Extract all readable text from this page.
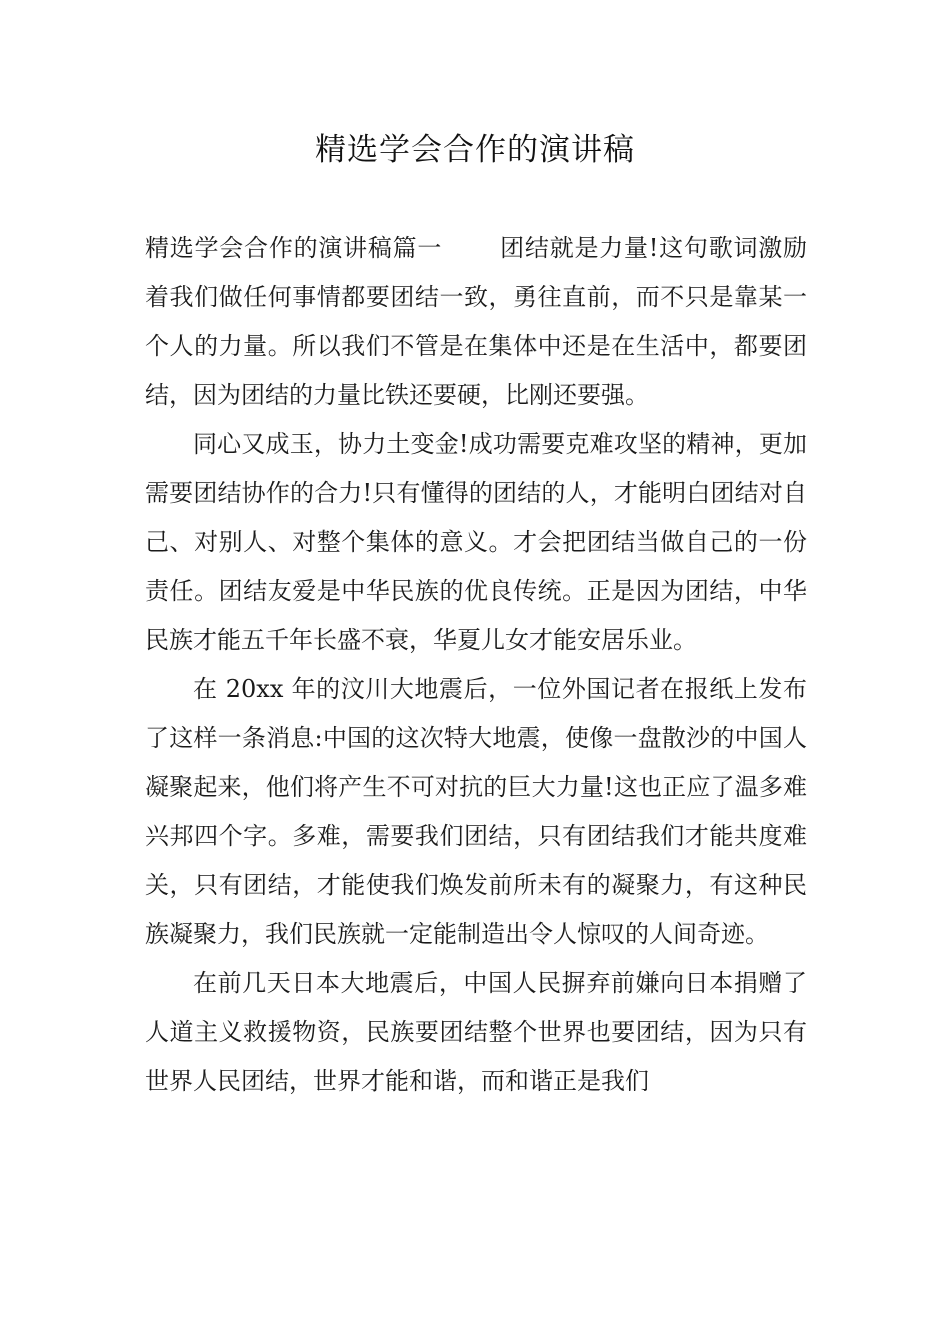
精选学会合作的演讲稿

精选学会合作的演讲稿篇一 团结就是力量!这句歌词激励着我们做任何事情都要团结一致，勇往直前，而不只是靠某一个人的力量。所以我们不管是在集体中还是在生活中，都要团结，因为团结的力量比铁还要硬，比刚还要强。

同心又成玉，协力土变金!成功需要克难攻坚的精神，更加需要团结协作的合力!只有懂得的团结的人，才能明白团结对自己、对别人、对整个集体的意义。才会把团结当做自己的一份责任。团结友爱是中华民族的优良传统。正是因为团结，中华民族才能五千年长盛不衰，华夏儿女才能安居乐业。

在 20xx 年的汶川大地震后，一位外国记者在报纸上发布了这样一条消息:中国的这次特大地震，使像一盘散沙的中国人凝聚起来，他们将产生不可对抗的巨大力量!这也正应了温多难兴邦四个字。多难，需要我们团结，只有团结我们才能共度难关，只有团结，才能使我们焕发前所未有的凝聚力，有这种民族凝聚力，我们民族就一定能制造出令人惊叹的人间奇迹。

在前几天日本大地震后，中国人民摒弃前嫌向日本捐赠了人道主义救援物资，民族要团结整个世界也要团结，因为只有世界人民团结，世界才能和谐，而和谐正是我们
